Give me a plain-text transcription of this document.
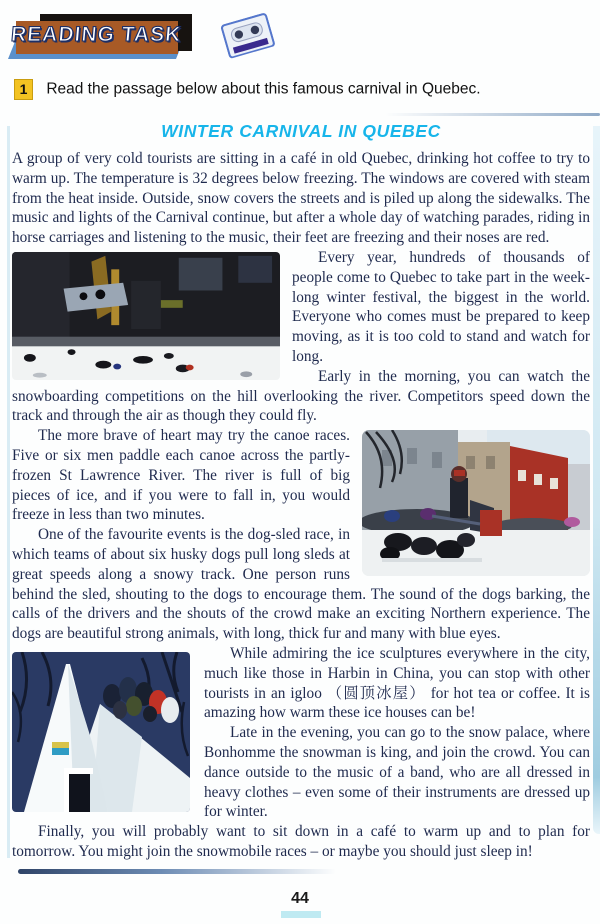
READING TASK
1 Read the passage below about this famous carnival in Quebec.
WINTER CARNIVAL IN QUEBEC

A group of very cold tourists are sitting in a café in old Quebec, drinking hot coffee to try to warm up. The temperature is 32 degrees below freezing. The windows are covered with steam from the heat inside. Outside, snow covers the streets and is piled up along the sidewalks. The music and lights of the Carnival continue, but after a whole day of watching parades, riding in horse carriages and listening to the music, their feet are freezing and their noses are red.

Every year, hundreds of thousands of people come to Quebec to take part in the week-long winter festival, the biggest in the world. Everyone who comes must be prepared to keep moving, as it is too cold to stand and watch for long.

Early in the morning, you can watch the snowboarding competitions on the hill overlooking the river. Competitors speed down the track and through the air as though they could fly.

The more brave of heart may try the canoe races. Five or six men paddle each canoe across the partly-frozen St Lawrence River. The river is full of big pieces of ice, and if you were to fall in, you would freeze in less than two minutes.

One of the favourite events is the dog-sled race, in which teams of about six husky dogs pull long sleds at great speeds along a snowy track. One person runs behind the sled, shouting to the dogs to encourage them. The sound of the dogs barking, the calls of the drivers and the shouts of the crowd make an exciting Northern experience. The dogs are beautiful strong animals, with long, thick fur and many with blue eyes.

While admiring the ice sculptures everywhere in the city, much like those in Harbin in China, you can stop with other tourists in an igloo （圆顶冰屋） for hot tea or coffee. It is amazing how warm these ice houses can be!

Late in the evening, you can go to the snow palace, where Bonhomme the snowman is king, and join the crowd. You can dance outside to the music of a band, who are all dressed in heavy clothes – even some of their instruments are dressed up for winter.

Finally, you will probably want to sit down in a café to warm up and to plan for tomorrow. You might join the snowmobile races – or maybe you should just sleep in!

44
